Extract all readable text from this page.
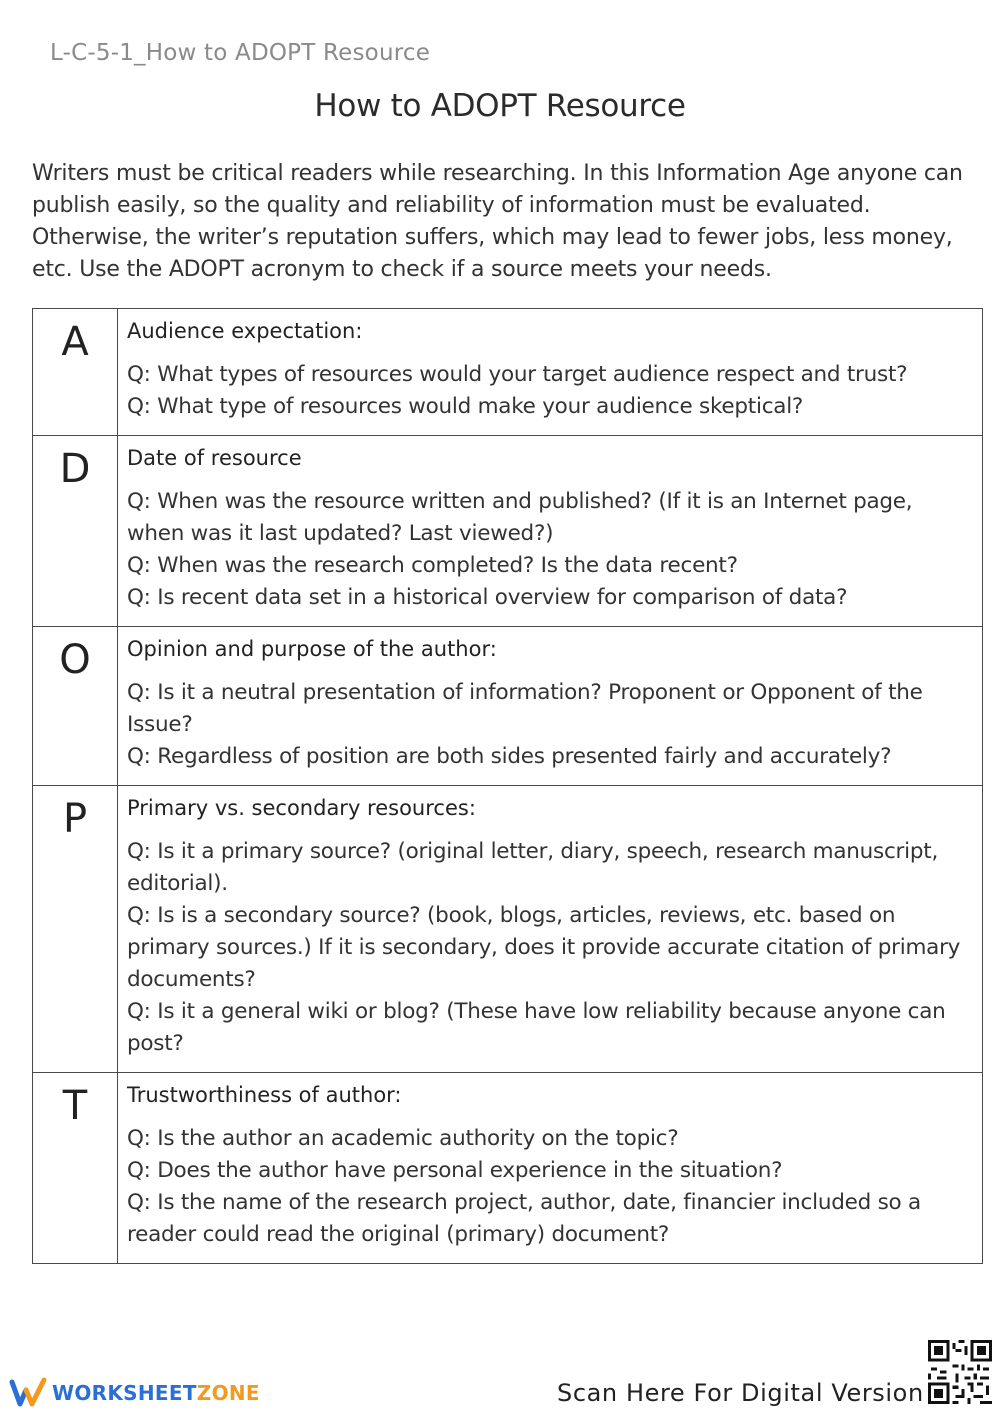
L-C-5-1_How to ADOPT Resource
How to ADOPT Resource
Writers must be critical readers while researching. In this Information Age anyone can publish easily, so the quality and reliability of information must be evaluated. Otherwise, the writer’s reputation suffers, which may lead to fewer jobs, less money, etc. Use the ADOPT acronym to check if a source meets your needs.
A	Audience expectation:
Q: What types of resources would your target audience respect and trust?
Q: What type of resources would make your audience skeptical?

D	Date of resource
Q: When was the resource written and published? (If it is an Internet page, when was it last updated? Last viewed?)
Q: When was the research completed? Is the data recent?
Q: Is recent data set in a historical overview for comparison of data?

O	Opinion and purpose of the author:
Q: Is it a neutral presentation of information? Proponent or Opponent of the Issue?
Q: Regardless of position are both sides presented fairly and accurately?

P	Primary vs. secondary resources:
Q: Is it a primary source? (original letter, diary, speech, research manuscript, editorial).
Q: Is is a secondary source? (book, blogs, articles, reviews, etc. based on primary sources.) If it is secondary, does it provide accurate citation of primary documents?
Q: Is it a general wiki or blog? (These have low reliability because anyone can post?

T	Trustworthiness of author:
Q: Is the author an academic authority on the topic?
Q: Does the author have personal experience in the situation?
Q: Is the name of the research project, author, date, financier included so a reader could read the original (primary) document?
WORKSHEET ZONE	Scan Here For Digital Version
